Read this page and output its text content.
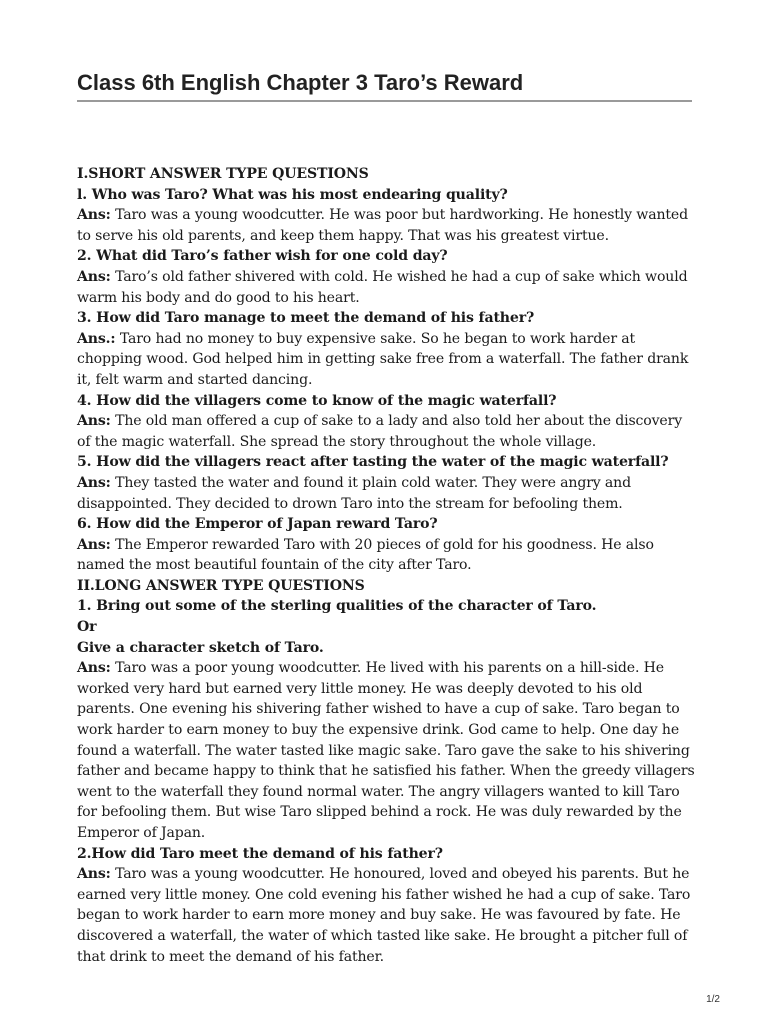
Class 6th English Chapter 3 Taro’s Reward

I.SHORT ANSWER TYPE QUESTIONS

l. Who was Taro? What was his most endearing quality?

Ans: Taro was a young woodcutter. He was poor but hardworking. He honestly wanted to serve his old parents, and keep them happy. That was his greatest virtue.

2. What did Taro’s father wish for one cold day?

Ans: Taro’s old father shivered with cold. He wished he had a cup of sake which would warm his body and do good to his heart.

3. How did Taro manage to meet the demand of his father?

Ans.: Taro had no money to buy expensive sake. So he began to work harder at chopping wood. God helped him in getting sake free from a waterfall. The father drank it, felt warm and started dancing.

4. How did the villagers come to know of the magic waterfall?

Ans: The old man offered a cup of sake to a lady and also told her about the discovery of the magic waterfall. She spread the story throughout the whole village.

5. How did the villagers react after tasting the water of the magic waterfall?

Ans: They tasted the water and found it plain cold water. They were angry and disappointed. They decided to drown Taro into the stream for befooling them.

6. How did the Emperor of Japan reward Taro?

Ans: The Emperor rewarded Taro with 20 pieces of gold for his goodness. He also named the most beautiful fountain of the city after Taro.

II.LONG ANSWER TYPE QUESTIONS

1. Bring out some of the sterling qualities of the character of Taro.

Or

Give a character sketch of Taro.

Ans: Taro was a poor young woodcutter. He lived with his parents on a hill-side. He worked very hard but earned very little money. He was deeply devoted to his old parents. One evening his shivering father wished to have a cup of sake. Taro began to work harder to earn money to buy the expensive drink. God came to help. One day he found a waterfall. The water tasted like magic sake. Taro gave the sake to his shivering father and became happy to think that he satisfied his father. When the greedy villagers went to the waterfall they found normal water. The angry villagers wanted to kill Taro for befooling them. But wise Taro slipped behind a rock. He was duly rewarded by the Emperor of Japan.

2.How did Taro meet the demand of his father?

Ans: Taro was a young woodcutter. He honoured, loved and obeyed his parents. But he earned very little money. One cold evening his father wished he had a cup of sake. Taro began to work harder to earn more money and buy sake. He was favoured by fate. He discovered a waterfall, the water of which tasted like sake. He brought a pitcher full of that drink to meet the demand of his father.

1/2
